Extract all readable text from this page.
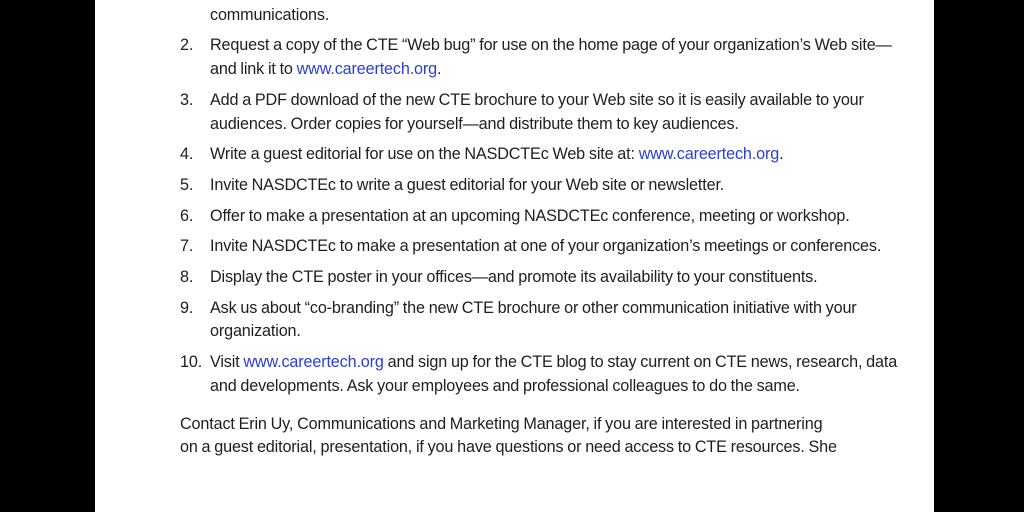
communications.
2. Request a copy of the CTE “Web bug” for use on the home page of your organization’s Web site—and link it to www.careertech.org.
3. Add a PDF download of the new CTE brochure to your Web site so it is easily available to your audiences. Order copies for yourself—and distribute them to key audiences.
4. Write a guest editorial for use on the NASDCTEc Web site at: www.careertech.org.
5. Invite NASDCTEc to write a guest editorial for your Web site or newsletter.
6. Offer to make a presentation at an upcoming NASDCTEc conference, meeting or workshop.
7. Invite NASDCTEc to make a presentation at one of your organization’s meetings or conferences.
8. Display the CTE poster in your offices—and promote its availability to your constituents.
9. Ask us about “co-branding” the new CTE brochure or other communication initiative with your organization.
10. Visit www.careertech.org and sign up for the CTE blog to stay current on CTE news, research, data and developments. Ask your employees and professional colleagues to do the same.
Contact Erin Uy, Communications and Marketing Manager, if you are interested in partnering
on a guest editorial, presentation, if you have questions or need access to CTE resources. She
